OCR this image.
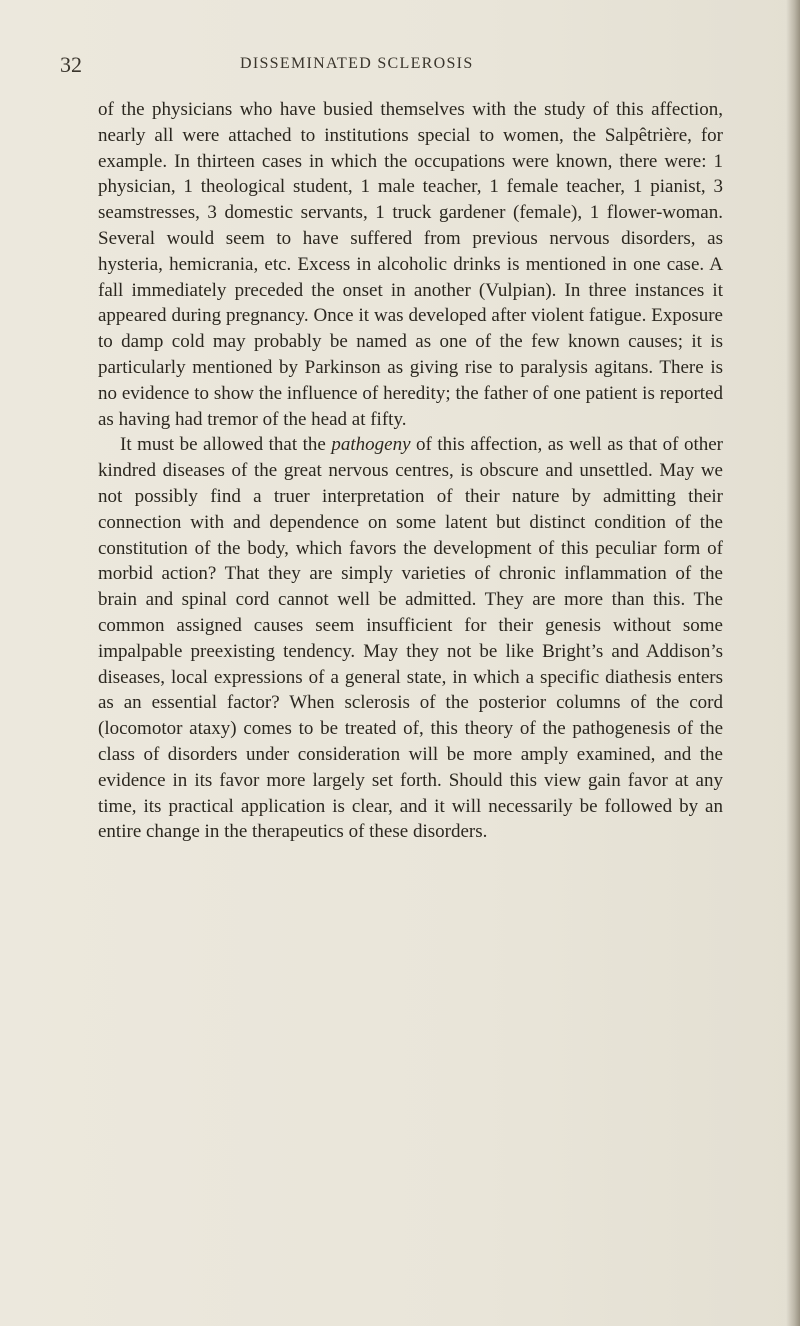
32	DISSEMINATED SCLEROSIS

of the physicians who have busied themselves with the study of this affection, nearly all were attached to institutions special to women, the Salpêtrière, for example. In thirteen cases in which the occupations were known, there were: 1 physician, 1 theological student, 1 male teacher, 1 female teacher, 1 pianist, 3 seamstresses, 3 domestic servants, 1 truck gardener (female), 1 flower-woman. Several would seem to have suffered from previous nervous disorders, as hysteria, hemicrania, etc. Excess in alcoholic drinks is mentioned in one case. A fall immediately preceded the onset in another (Vulpian). In three instances it appeared during pregnancy. Once it was developed after violent fatigue. Exposure to damp cold may probably be named as one of the few known causes; it is particularly mentioned by Parkinson as giving rise to paralysis agitans. There is no evidence to show the influence of heredity; the father of one patient is reported as having had tremor of the head at fifty.

It must be allowed that the pathogeny of this affection, as well as that of other kindred diseases of the great nervous centres, is obscure and unsettled. May we not possibly find a truer interpretation of their nature by admitting their connection with and dependence on some latent but distinct condition of the constitution of the body, which favors the development of this peculiar form of morbid action? That they are simply varieties of chronic inflammation of the brain and spinal cord cannot well be admitted. They are more than this. The common assigned causes seem insufficient for their genesis without some impalpable preexisting tendency. May they not be like Bright’s and Addison’s diseases, local expressions of a general state, in which a specific diathesis enters as an essential factor? When sclerosis of the posterior columns of the cord (locomotor ataxy) comes to be treated of, this theory of the pathogenesis of the class of disorders under consideration will be more amply examined, and the evidence in its favor more largely set forth. Should this view gain favor at any time, its practical application is clear, and it will necessarily be followed by an entire change in the therapeutics of these disorders.
